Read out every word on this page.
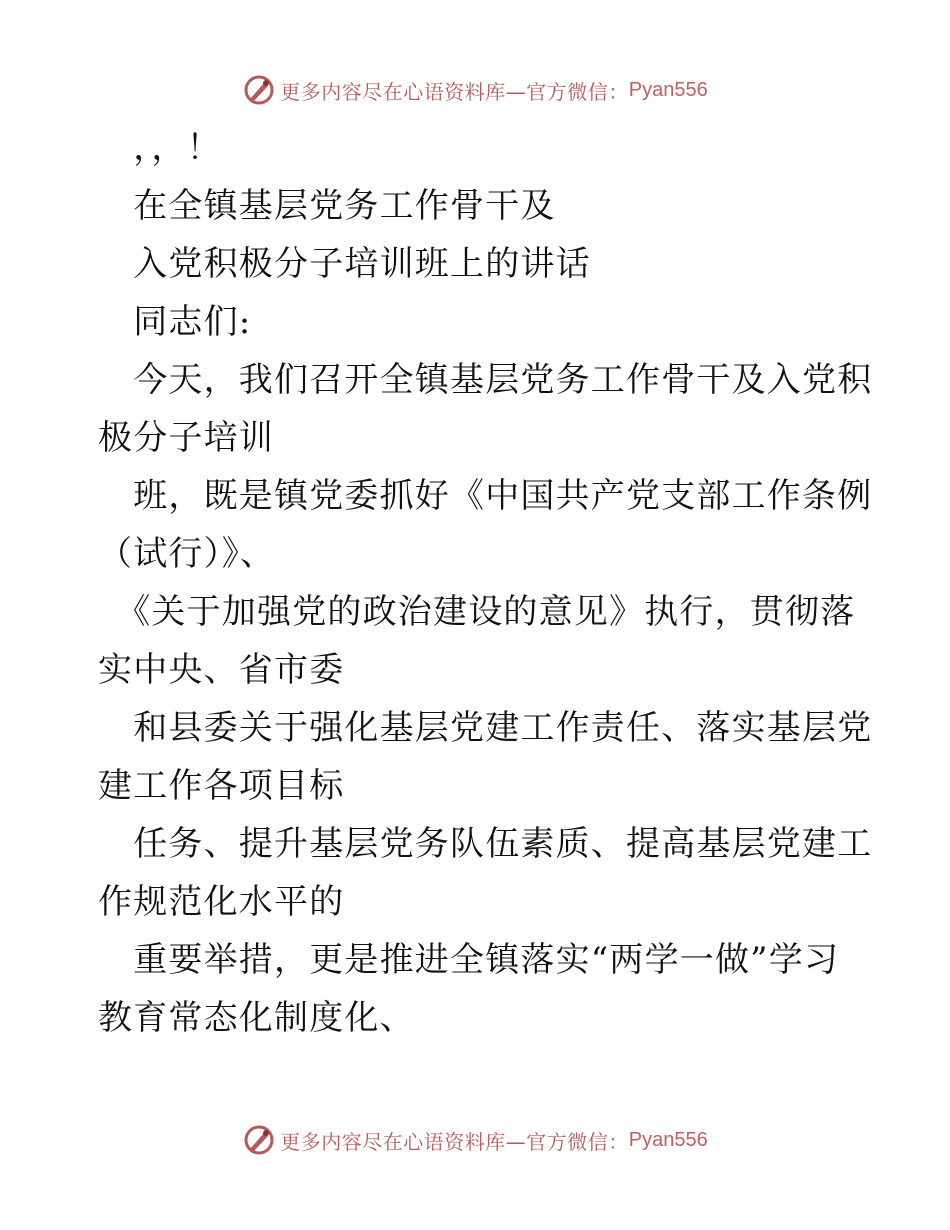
更多内容尽在心语资料库—官方微信： Pyan556
　，，！
　在全镇基层党务工作骨干及
　入党积极分子培训班上的讲话
　同志们:
　今天，我们召开全镇基层党务工作骨干及入党积
极分子培训
　班，既是镇党委抓好《中国共产党支部工作条例
（试行）》、
　《关于加强党的政治建设的意见》执行，贯彻落
实中央、省市委
　和县委关于强化基层党建工作责任、落实基层党
建工作各项目标
　任务、提升基层党务队伍素质、提高基层党建工
作规范化水平的
　重要举措，更是推进全镇落实“两学一做”学习
教育常态化制度化、
更多内容尽在心语资料库—官方微信： Pyan556
